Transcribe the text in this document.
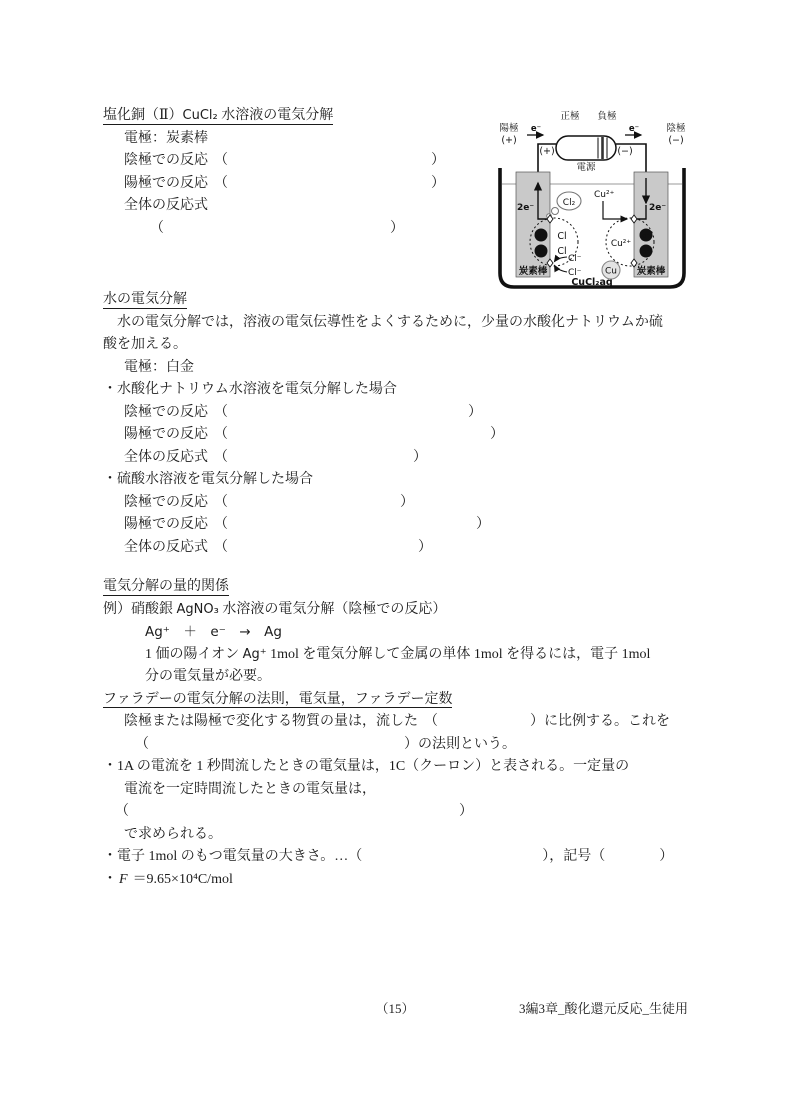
塩化銅（Ⅱ）CuCl₂ 水溶液の電気分解
電極：炭素棒
陰極での反応 （	）
陽極での反応 （	）
全体の反応式
（	）
水の電気分解
　水の電気分解では，溶液の電気伝導性をよくするために，少量の水酸化ナトリウムか硫
酸を加える。
電極：白金
・水酸化ナトリウム水溶液を電気分解した場合
陰極での反応 （	）
陽極での反応 （	）
全体の反応式 （	）
・硫酸水溶液を電気分解した場合
陰極での反応 （	）
陽極での反応 （	）
全体の反応式 （	）
電気分解の量的関係
例）硝酸銀 AgNO₃ 水溶液の電気分解（陰極での反応）
Ag⁺　＋　e⁻　→　Ag
1 価の陽イオン Ag⁺ 1mol を電気分解して金属の単体 1mol を得るには，電子 1mol
分の電気量が必要。
ファラデーの電気分解の法則，電気量，ファラデー定数
陰極または陽極で変化する物質の量は，流した （	）に比例する。これを
（	）の法則という。
・1A の電流を 1 秒間流したときの電気量は，1C（クーロン）と表される。一定量の
電流を一定時間流したときの電気量は，
（	）
で求められる。
・電子 1mol のもつ電気量の大きさ。…（	），記号（	）
・ F ＝9.65×10⁴C/mol
正極 負極
e⁻	e⁻
陽極
(+)
陰極
(−)
(+)	(−)
電源
2e⁻	2e⁻
Cl₂
Cu²⁺
e⁻
e⁻
Cl
Cl
Cu²⁺
e⁻
e⁻
Cl⁻
Cl⁻	Cu
炭素棒	炭素棒
CuCl₂aq
（15）	3編3章_酸化還元反応_生徒用
